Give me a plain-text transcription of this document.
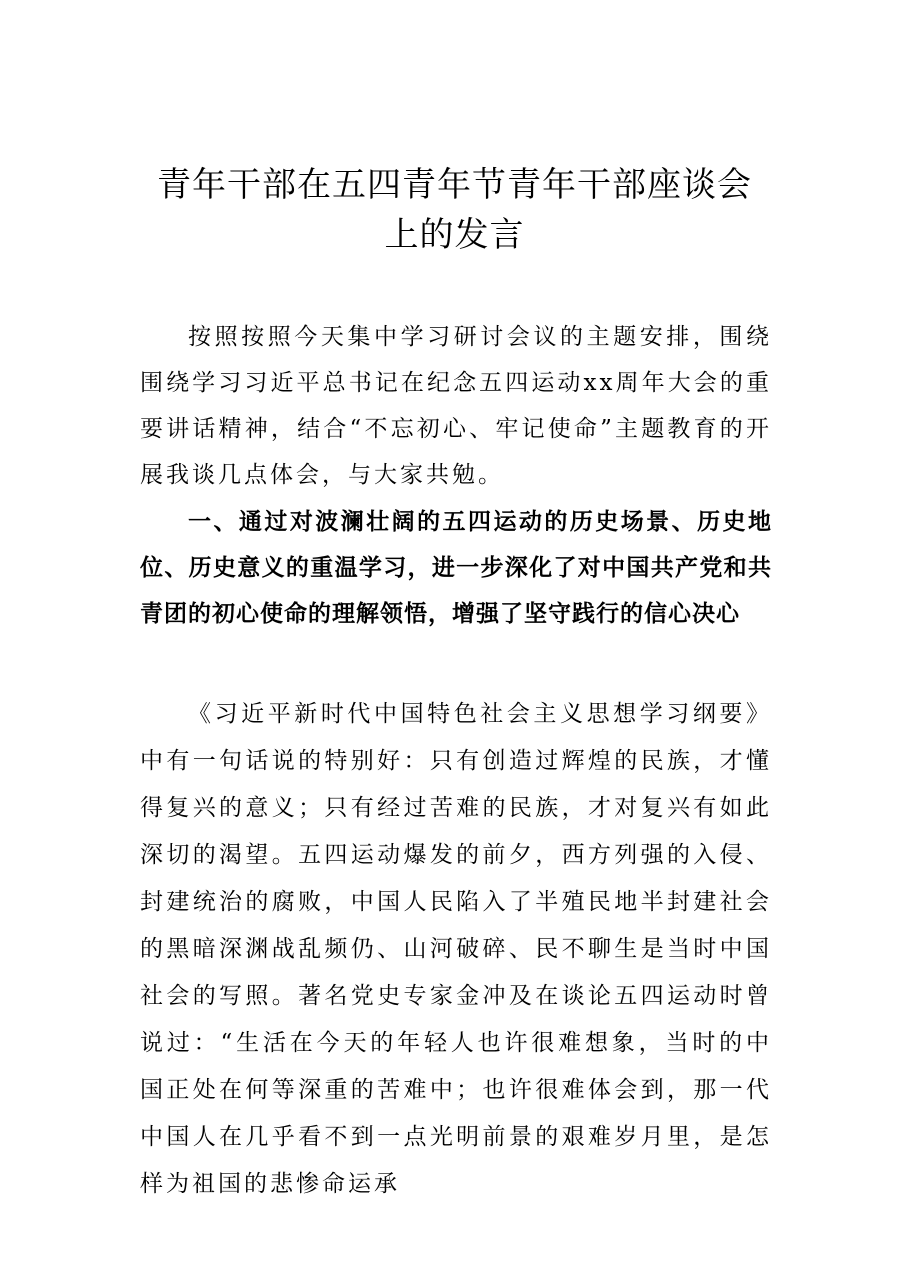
青年干部在五四青年节青年干部座谈会上的发言

按照按照今天集中学习研讨会议的主题安排，围绕围绕学习习近平总书记在纪念五四运动xx周年大会的重要讲话精神，结合“不忘初心、牢记使命”主题教育的开展我谈几点体会，与大家共勉。

一、通过对波澜壮阔的五四运动的历史场景、历史地位、历史意义的重温学习，进一步深化了对中国共产党和共青团的初心使命的理解领悟，增强了坚守践行的信心决心

《习近平新时代中国特色社会主义思想学习纲要》中有一句话说的特别好：只有创造过辉煌的民族，才懂得复兴的意义；只有经过苦难的民族，才对复兴有如此深切的渴望。五四运动爆发的前夕，西方列强的入侵、封建统治的腐败，中国人民陷入了半殖民地半封建社会的黑暗深渊战乱频仍、山河破碎、民不聊生是当时中国社会的写照。著名党史专家金冲及在谈论五四运动时曾说过：“生活在今天的年轻人也许很难想象，当时的中国正处在何等深重的苦难中；也许很难体会到，那一代中国人在几乎看不到一点光明前景的艰难岁月里，是怎样为祖国的悲惨命运承
